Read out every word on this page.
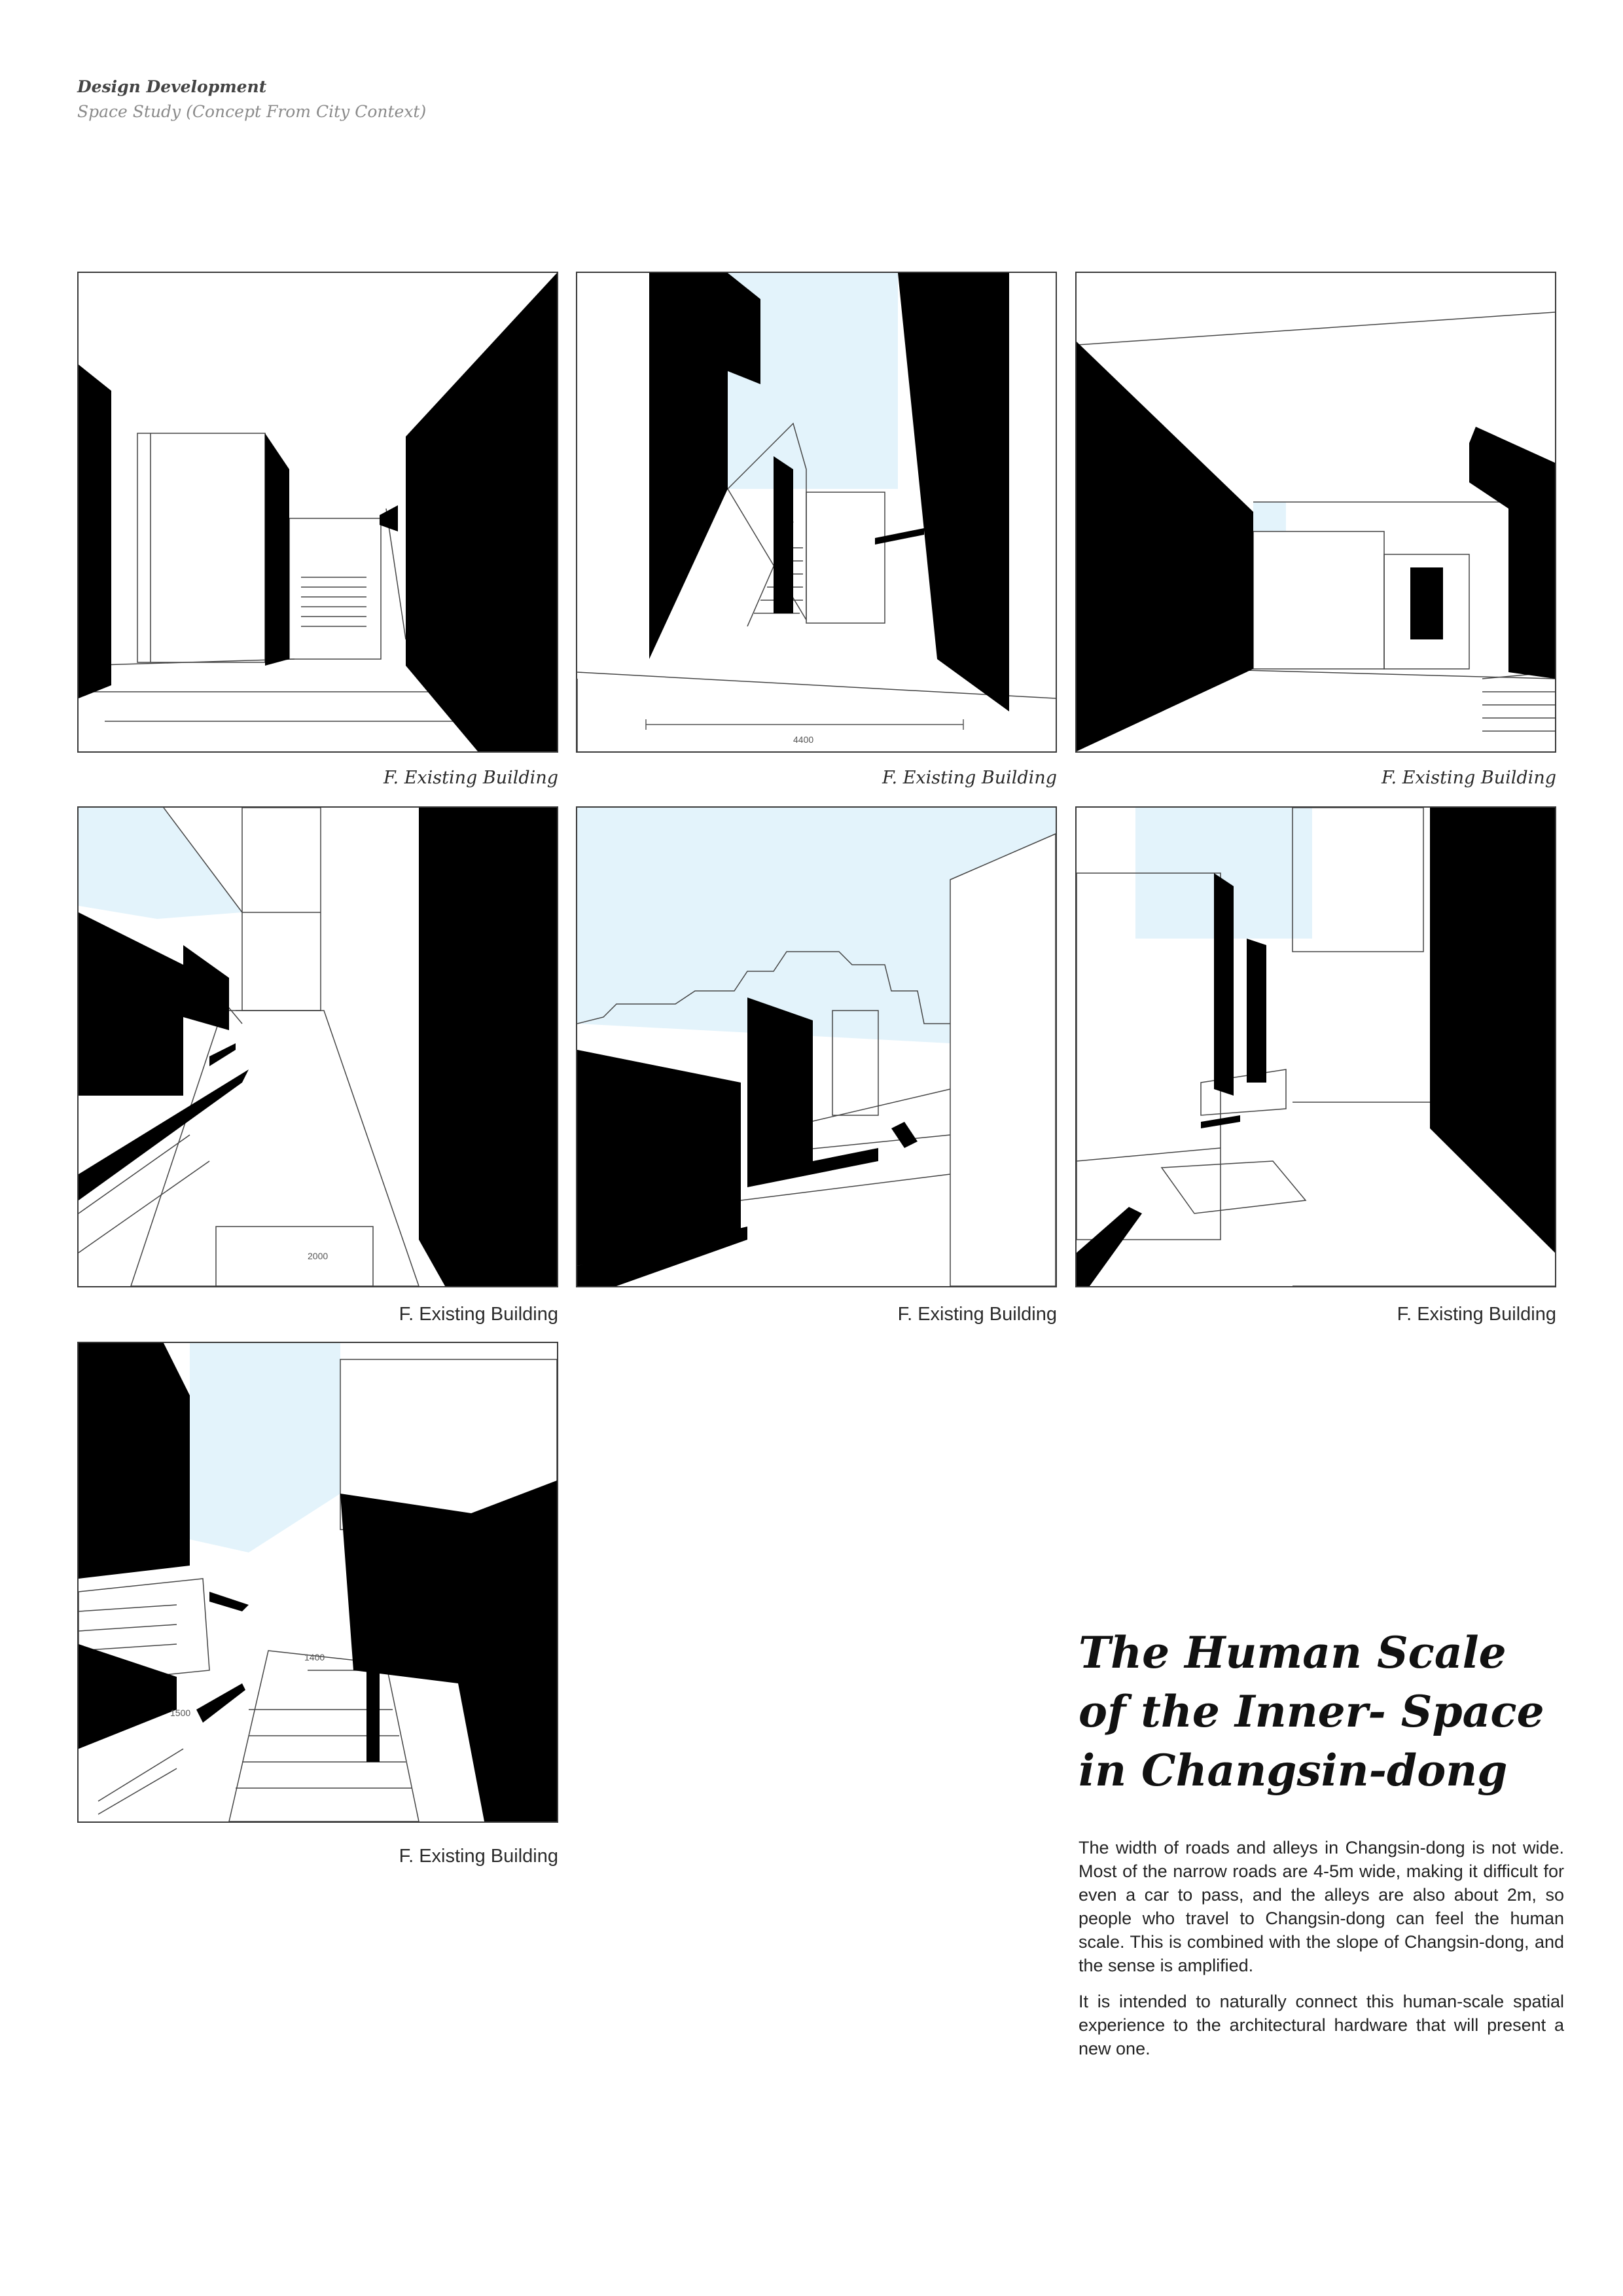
Design Development
Space Study (Concept From City Context)
F. Existing Building
4400
F. Existing Building	F. Existing Building
2000
F. Existing Building	F. Existing Building	F. Existing Building
1400
1500
F. Existing Building
The Human Scale
of the Inner- Space
in Changsin-dong
The width of roads and alleys in Changsin-dong is not wide. Most of the narrow roads are 4-5m wide, making it difficult for even a car to pass, and the alleys are also about 2m, so people who travel to Changsin-dong can feel the human scale. This is combined with the slope of Changsin-dong, and the sense is amplified.
It is intended to naturally connect this human-scale spatial experience to the architectural hardware that will present a new one.
